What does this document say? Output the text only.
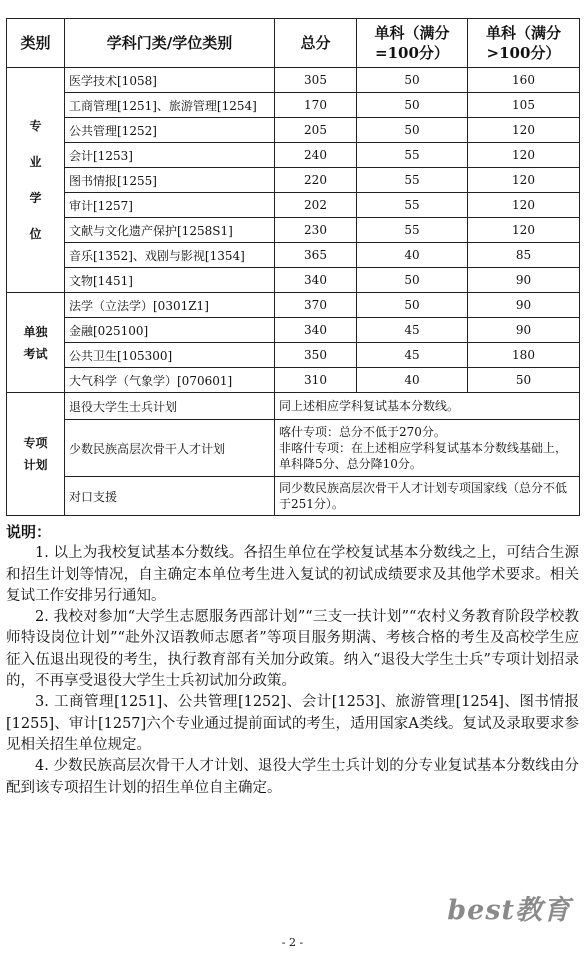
类别	学科门类/学位类别	总分	单科（满分=100分）	单科（满分>100分）

专
业
学
位	医学技术[1058]	305	50	160
	工商管理[1251]、旅游管理[1254]	170	50	105
	公共管理[1252]	205	50	120
	会计[1253]	240	55	120
	图书情报[1255]	220	55	120
	审计[1257]	202	55	120
	文献与文化遗产保护[1258S1]	230	55	120
	音乐[1352]、戏剧与影视[1354]	365	40	85
	文物[1451]	340	50	90

单独
考试	法学（立法学）[0301Z1]	370	50	90
	金融[025100]	340	45	90
	公共卫生[105300]	350	45	180
	大气科学（气象学）[070601]	310	40	50

专项
计划	退役大学生士兵计划	同上述相应学科复试基本分数线。		
	少数民族高层次骨干人才计划	喀什专项：总分不低于270分。
非喀什专项：在上述相应学科复试基本分数线基础上，单科降5分、总分降10分。		

	对口支援	同少数民族高层次骨干人才计划专项国家线（总分不低于251分）。		
说明：

1. 以上为我校复试基本分数线。各招生单位在学校复试基本分数线之上，可结合生源和招生计划等情况，自主确定本单位考生进入复试的初试成绩要求及其他学术要求。相关复试工作安排另行通知。

2. 我校对参加“大学生志愿服务西部计划”“三支一扶计划”“农村义务教育阶段学校教师特设岗位计划”“赴外汉语教师志愿者”等项目服务期满、考核合格的考生及高校学生应征入伍退出现役的考生，执行教育部有关加分政策。纳入“退役大学生士兵”专项计划招录的，不再享受退役大学生士兵初试加分政策。

3. 工商管理[1251]、公共管理[1252]、会计[1253]、旅游管理[1254]、图书情报[1255]、审计[1257]六个专业通过提前面试的考生，适用国家A类线。复试及录取要求参见相关招生单位规定。

4. 少数民族高层次骨干人才计划、退役大学生士兵计划的分专业复试基本分数线由分配到该专项招生计划的招生单位自主确定。

best教育
- 2 -
